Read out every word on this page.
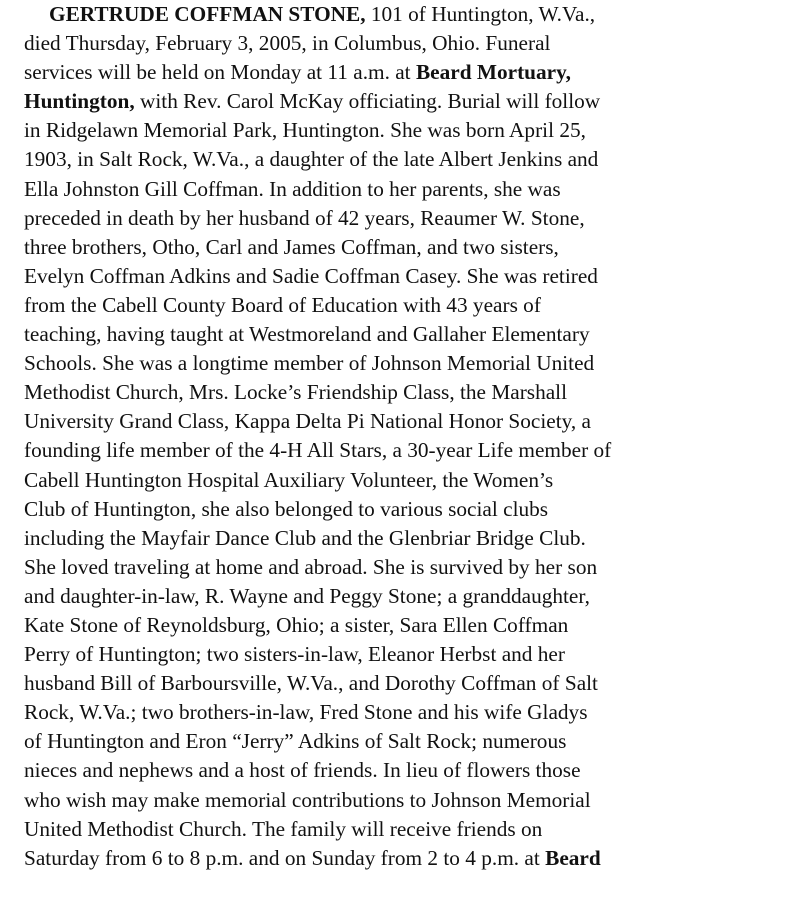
GERTRUDE COFFMAN STONE, 101 of Huntington, W.Va.,
died Thursday, February 3, 2005, in Columbus, Ohio. Funeral
services will be held on Monday at 11 a.m. at Beard Mortuary,
Huntington, with Rev. Carol McKay officiating. Burial will follow
in Ridgelawn Memorial Park, Huntington. She was born April 25,
1903, in Salt Rock, W.Va., a daughter of the late Albert Jenkins and
Ella Johnston Gill Coffman. In addition to her parents, she was
preceded in death by her husband of 42 years, Reaumer W. Stone,
three brothers, Otho, Carl and James Coffman, and two sisters,
Evelyn Coffman Adkins and Sadie Coffman Casey. She was retired
from the Cabell County Board of Education with 43 years of
teaching, having taught at Westmoreland and Gallaher Elementary
Schools. She was a longtime member of Johnson Memorial United
Methodist Church, Mrs. Locke’s Friendship Class, the Marshall
University Grand Class, Kappa Delta Pi National Honor Society, a
founding life member of the 4-H All Stars, a 30-year Life member of
Cabell Huntington Hospital Auxiliary Volunteer, the Women’s
Club of Huntington, she also belonged to various social clubs
including the Mayfair Dance Club and the Glenbriar Bridge Club.
She loved traveling at home and abroad. She is survived by her son
and daughter-in-law, R. Wayne and Peggy Stone; a granddaughter,
Kate Stone of Reynoldsburg, Ohio; a sister, Sara Ellen Coffman
Perry of Huntington; two sisters-in-law, Eleanor Herbst and her
husband Bill of Barboursville, W.Va., and Dorothy Coffman of Salt
Rock, W.Va.; two brothers-in-law, Fred Stone and his wife Gladys
of Huntington and Eron “Jerry” Adkins of Salt Rock; numerous
nieces and nephews and a host of friends. In lieu of flowers those
who wish may make memorial contributions to Johnson Memorial
United Methodist Church. The family will receive friends on
Saturday from 6 to 8 p.m. and on Sunday from 2 to 4 p.m. at Beard
